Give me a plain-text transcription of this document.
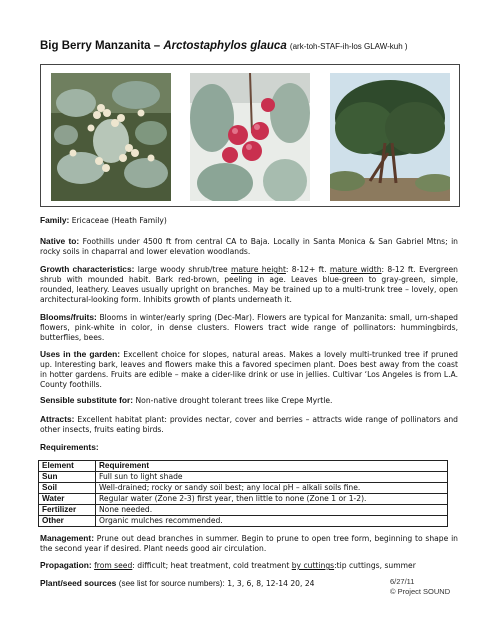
Big Berry Manzanita – Arctostaphylos glauca (ark-toh-STAF-ih-los GLAW-kuh )
Family: Ericaceae (Heath Family)
Native to: Foothills under 4500 ft from central CA to Baja. Locally in Santa Monica & San Gabriel Mtns; in rocky soils in chaparral and lower elevation woodlands.
Growth characteristics: large woody shrub/tree mature height: 8-12+ ft. mature width: 8-12 ft. Evergreen shrub with mounded habit. Bark red-brown, peeling in age. Leaves blue-green to gray-green, simple, rounded, leathery. Leaves usually upright on branches. May be trained up to a multi-trunk tree – lovely, open architectural-looking form. Inhibits growth of plants underneath it.
Blooms/fruits: Blooms in winter/early spring (Dec-Mar). Flowers are typical for Manzanita: small, urn-shaped flowers, pink-white in color, in dense clusters. Flowers tract wide range of pollinators: hummingbirds, butterflies, bees.
Uses in the garden: Excellent choice for slopes, natural areas. Makes a lovely multi-trunked tree if pruned up. Interesting bark, leaves and flowers make this a favored specimen plant. Does best away from the coast in hotter gardens. Fruits are edible – make a cider-like drink or use in jellies. Cultivar ‘Los Angeles is from L.A. County foothills.
Sensible substitute for: Non-native drought tolerant trees like Crepe Myrtle.
Attracts: Excellent habitat plant: provides nectar, cover and berries – attracts wide range of pollinators and other insects, fruits eating birds.
Requirements:
Element	Requirement
Sun	Full sun to light shade
Soil	Well-drained; rocky or sandy soil best; any local pH – alkali soils fine.
Water	Regular water (Zone 2-3) first year, then little to none (Zone 1 or 1-2).
Fertilizer	None needed.
Other	Organic mulches recommended.
Management: Prune out dead branches in summer. Begin to prune to open tree form, beginning to shape in the second year if desired. Plant needs good air circulation.
Propagation: from seed: difficult; heat treatment, cold treatment by cuttings:tip cuttings, summer
Plant/seed sources (see list for source numbers): 1, 3, 6, 8, 12-14 20, 24	6/27/11
© Project SOUND
